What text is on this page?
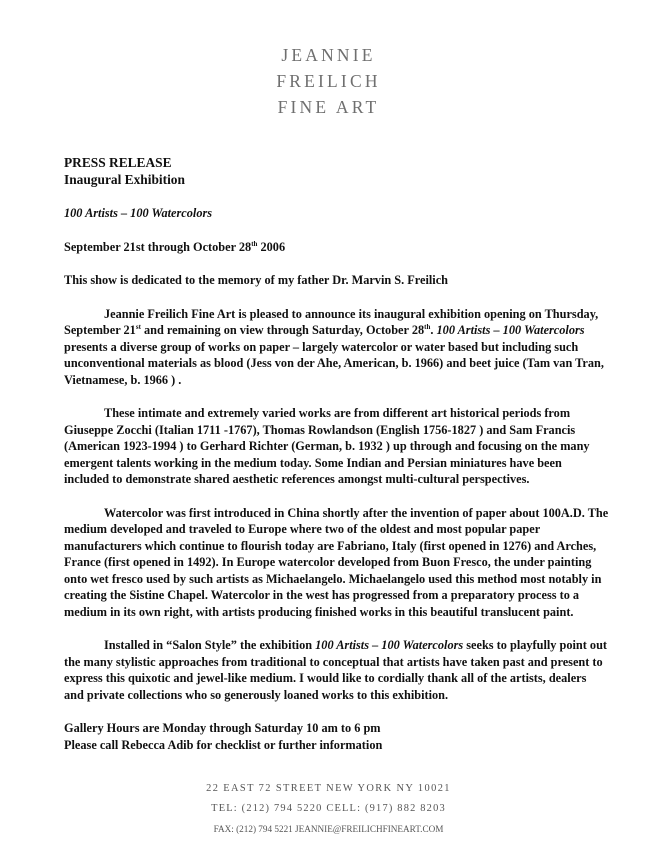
JEANNIE
FREILICH
FINE ART

PRESS RELEASE

Inaugural Exhibition

100 Artists – 100 Watercolors

September 21st through October 28th 2006

This show is dedicated to the memory of my father Dr. Marvin S. Freilich

Jeannie Freilich Fine Art is pleased to announce its inaugural exhibition opening on Thursday, September 21st and remaining on view through Saturday, October 28th. 100 Artists – 100 Watercolors presents a diverse group of works on paper – largely watercolor or water based but including such unconventional materials as blood (Jess von der Ahe, American, b. 1966) and beet juice (Tam van Tran, Vietnamese, b. 1966 ) .

These intimate and extremely varied works are from different art historical periods from Giuseppe Zocchi (Italian 1711 -1767), Thomas Rowlandson (English 1756-1827 ) and Sam Francis (American 1923-1994 ) to Gerhard Richter (German, b. 1932 ) up through and focusing on the many emergent talents working in the medium today. Some Indian and Persian miniatures have been included to demonstrate shared aesthetic references amongst multi-cultural perspectives.

Watercolor was first introduced in China shortly after the invention of paper about 100A.D. The medium developed and traveled to Europe where two of the oldest and most popular paper manufacturers which continue to flourish today are Fabriano, Italy (first opened in 1276) and Arches, France (first opened in 1492). In Europe watercolor developed from Buon Fresco, the under painting onto wet fresco used by such artists as Michaelangelo. Michaelangelo used this method most notably in creating the Sistine Chapel. Watercolor in the west has progressed from a preparatory process to a medium in its own right, with artists producing finished works in this beautiful translucent paint.

Installed in “Salon Style” the exhibition 100 Artists – 100 Watercolors seeks to playfully point out the many stylistic approaches from traditional to conceptual that artists have taken past and present to express this quixotic and jewel-like medium. I would like to cordially thank all of the artists, dealers and private collections who so generously loaned works to this exhibition.

Gallery Hours are Monday through Saturday 10 am to 6 pm

Please call Rebecca Adib for checklist or further information

22 EAST 72 STREET NEW YORK NY 10021
TEL: (212) 794 5220 CELL: (917) 882 8203
FAX: (212) 794 5221 JEANNIE@FREILICHFINEART.COM
